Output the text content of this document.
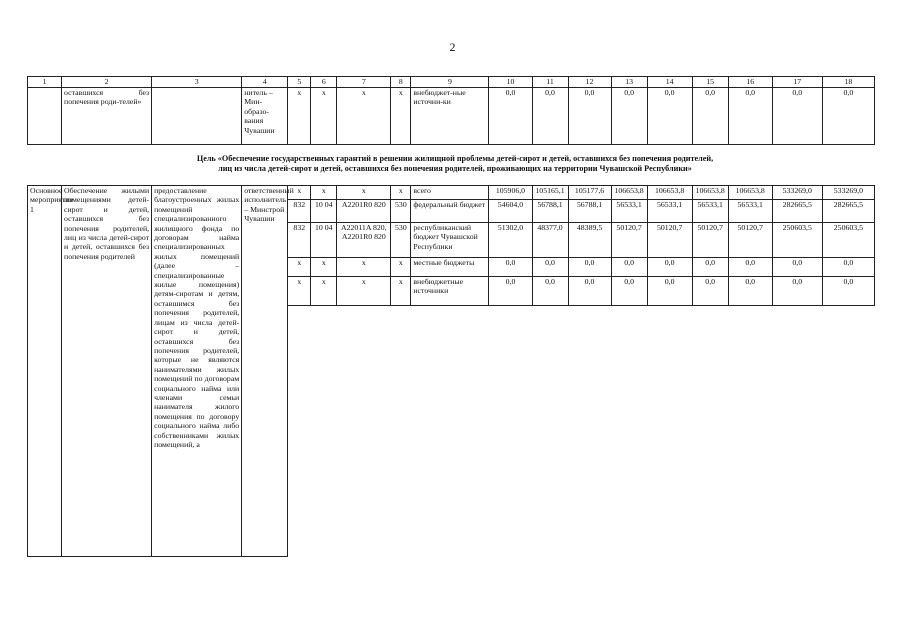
2
1	2	3	4	5	6	7	8	9	10	11	12	13	14	15	16	17	18
	оставшихся без попечения роди-телей»		нитель – Мин-образо-вания Чувашии	x	x	x	x	внебюджет-ные источни-ки	0,0	0,0	0,0	0,0	0,0	0,0	0,0	0,0	0,0
Цель «Обеспечение государственных гарантий в решении жилищной проблемы детей-сирот и детей, оставшихся без попечения родителей,
лиц из числа детей-сирот и детей, оставшихся без попечения родителей, проживающих на территории Чувашской Республики»
Основное мероприятие 1	Обеспечение жилыми помещениями детей-сирот и детей, оставшихся без попечения родителей, лиц из числа детей-сирот и детей, оставшихся без попечения родителей	предоставление благоустроенных жилых помещений специализированного жилищного фонда по договорам найма специализированных жилых помещений (далее – специализированные жилые помещения) детям-сиротам и детям, оставшимся без попечения родителей, лицам из числа детей-сирот и детей, оставшихся без попечения родителей, которые не являются нанимателями жилых помещений по договорам социального найма или членами семьи нанимателя жилого помещения по договору социального найма либо собственниками жилых помещений, а	ответственный исполнитель – Минстрой Чувашии	x	x	x	x	всего	105906,0	105165,1	105177,6	106653,8	106653,8	106653,8	106653,8	533269,0	533269,0
				832	10 04	A2201R0 820	530	федеральный бюджет	54604,0	56788,1	56788,1	56533,1	56533,1	56533,1	56533,1	282665,5	282665,5
				832	10 04	A22011A 820, A2201R0 820	530	республиканский бюджет Чувашской Республики	51302,0	48377,0	48389,5	50120,7	50120,7	50120,7	50120,7	250603,5	250603,5
				x	x	x	x	местные бюджеты	0,0	0,0	0,0	0,0	0,0	0,0	0,0	0,0	0,0
				x	x	x	x	внебюджетные источники	0,0	0,0	0,0	0,0	0,0	0,0	0,0	0,0	0,0
